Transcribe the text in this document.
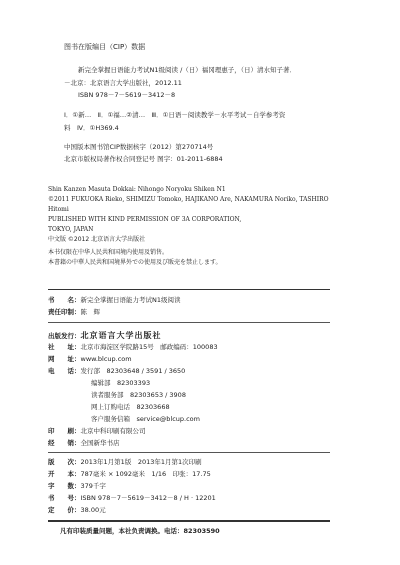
图书在版编目（CIP）数据
新完全掌握日语能力考试N1级阅读 /（日）福冈理惠子，（日）清水知子著．
－北京：北京语言大学出版社，2012.11
ISBN 978－7－5619－3412－8
Ⅰ．①新…　Ⅱ．①福…②清…　Ⅲ．①日语－阅读教学－水平考试－自学参考资
料　Ⅳ．①H369.4
中国版本图书馆CIP数据核字（2012）第270714号
北京市版权局著作权合同登记号 图字：01-2011-6884
Shin Kanzen Masuta Dokkai: Nihongo Noryoku Shiken N1
©2011 FUKUOKA Rieko, SHIMIZU Tomoko, HAJIKANO Are, NAKAMURA Noriko, TASHIRO
Hitomi
PUBLISHED WITH KIND PERMISSION OF 3A CORPORATION,
TOKYO, JAPAN
中文版 ©2012 北京语言大学出版社
本书仅限在中华人民共和国境内使用及销售。
本書籍の中華人民共和国境界外での使用及び販売を禁止します。
书　　名：新完全掌握日语能力考试N1级阅读
责任印制：陈　辉
出版发行：北京语言大学出版社
社　　址：北京市海淀区学院路15号　邮政编码：100083
网　　址：www.blcup.com
电　　话：发行部　82303648 / 3591 / 3650
编辑部　82303393
读者服务部　82303653 / 3908
网上订购电话　82303668
客户服务信箱　service@blcup.com
印　　刷：北京中科印刷有限公司
经　　销：全国新华书店
版　　次：2013年1月第1版　2013年1月第1次印刷
开　　本：787毫米 × 1092毫米　1/16　印张：17.75
字　　数：379千字
书　　号：ISBN 978－7－5619－3412－8 / H · 12201
定　　价：38.00元
凡有印装质量问题，本社负责调换。电话：82303590
